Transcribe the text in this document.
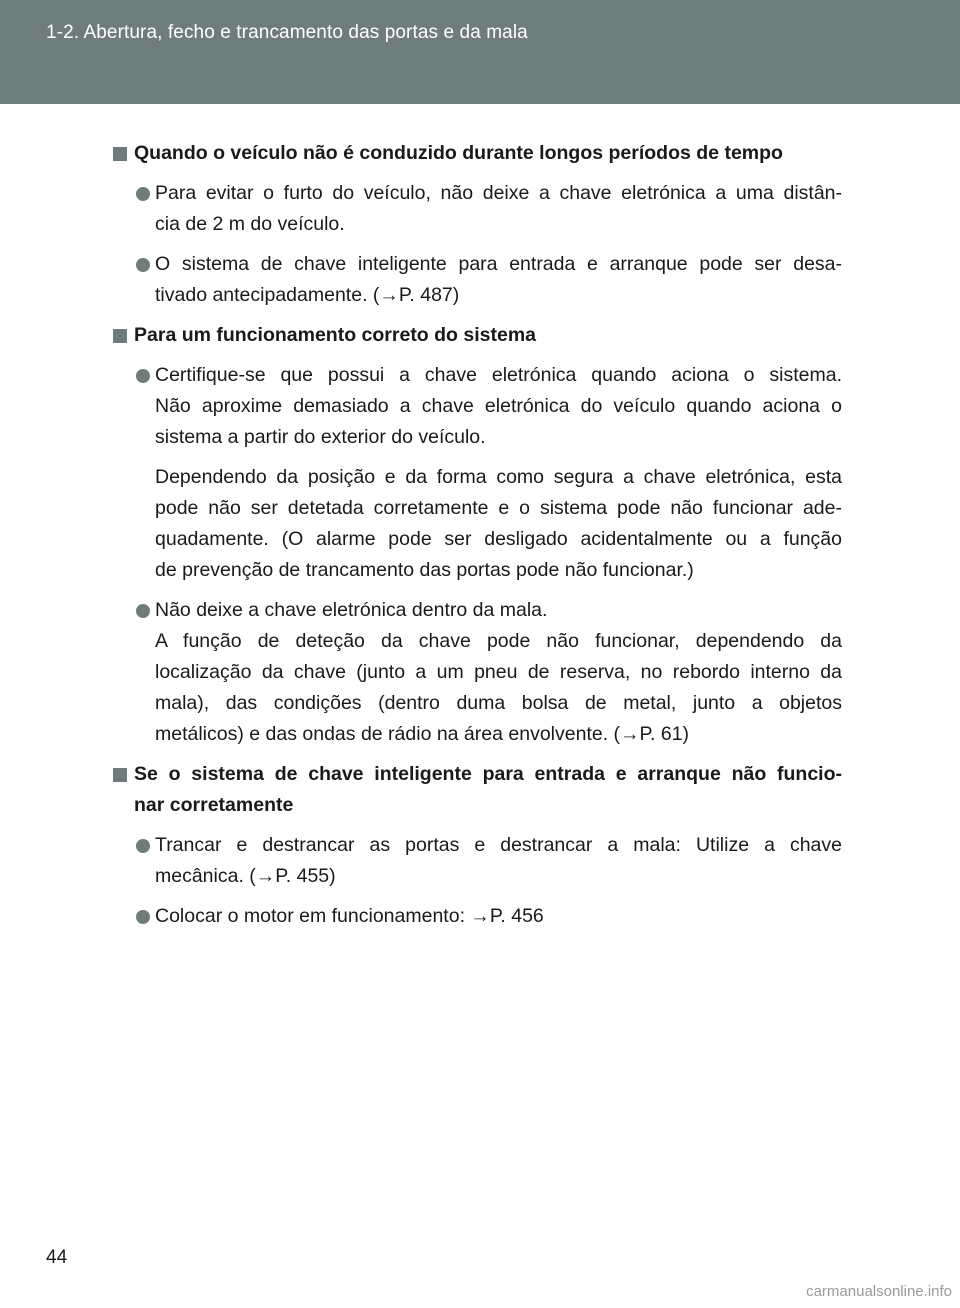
1-2. Abertura, fecho e trancamento das portas e da mala
Quando o veículo não é conduzido durante longos períodos de tempo
Para evitar o furto do veículo, não deixe a chave eletrónica a uma distân-
cia de 2 m do veículo.
O sistema de chave inteligente para entrada e arranque pode ser desa-
tivado antecipadamente. (→P. 487)
Para um funcionamento correto do sistema
Certifique-se que possui a chave eletrónica quando aciona o sistema.
Não aproxime demasiado a chave eletrónica do veículo quando aciona o
sistema a partir do exterior do veículo.
Dependendo da posição e da forma como segura a chave eletrónica, esta
pode não ser detetada corretamente e o sistema pode não funcionar ade-
quadamente. (O alarme pode ser desligado acidentalmente ou a função
de prevenção de trancamento das portas pode não funcionar.)
Não deixe a chave eletrónica dentro da mala.
A função de deteção da chave pode não funcionar, dependendo da
localização da chave (junto a um pneu de reserva, no rebordo interno da
mala), das condições (dentro duma bolsa de metal, junto a objetos
metálicos) e das ondas de rádio na área envolvente. (→P. 61)
Se o sistema de chave inteligente para entrada e arranque não funcio-
nar corretamente
Trancar e destrancar as portas e destrancar a mala: Utilize a chave
mecânica. (→P. 455)
Colocar o motor em funcionamento: →P. 456
44
carmanualsonline.info
